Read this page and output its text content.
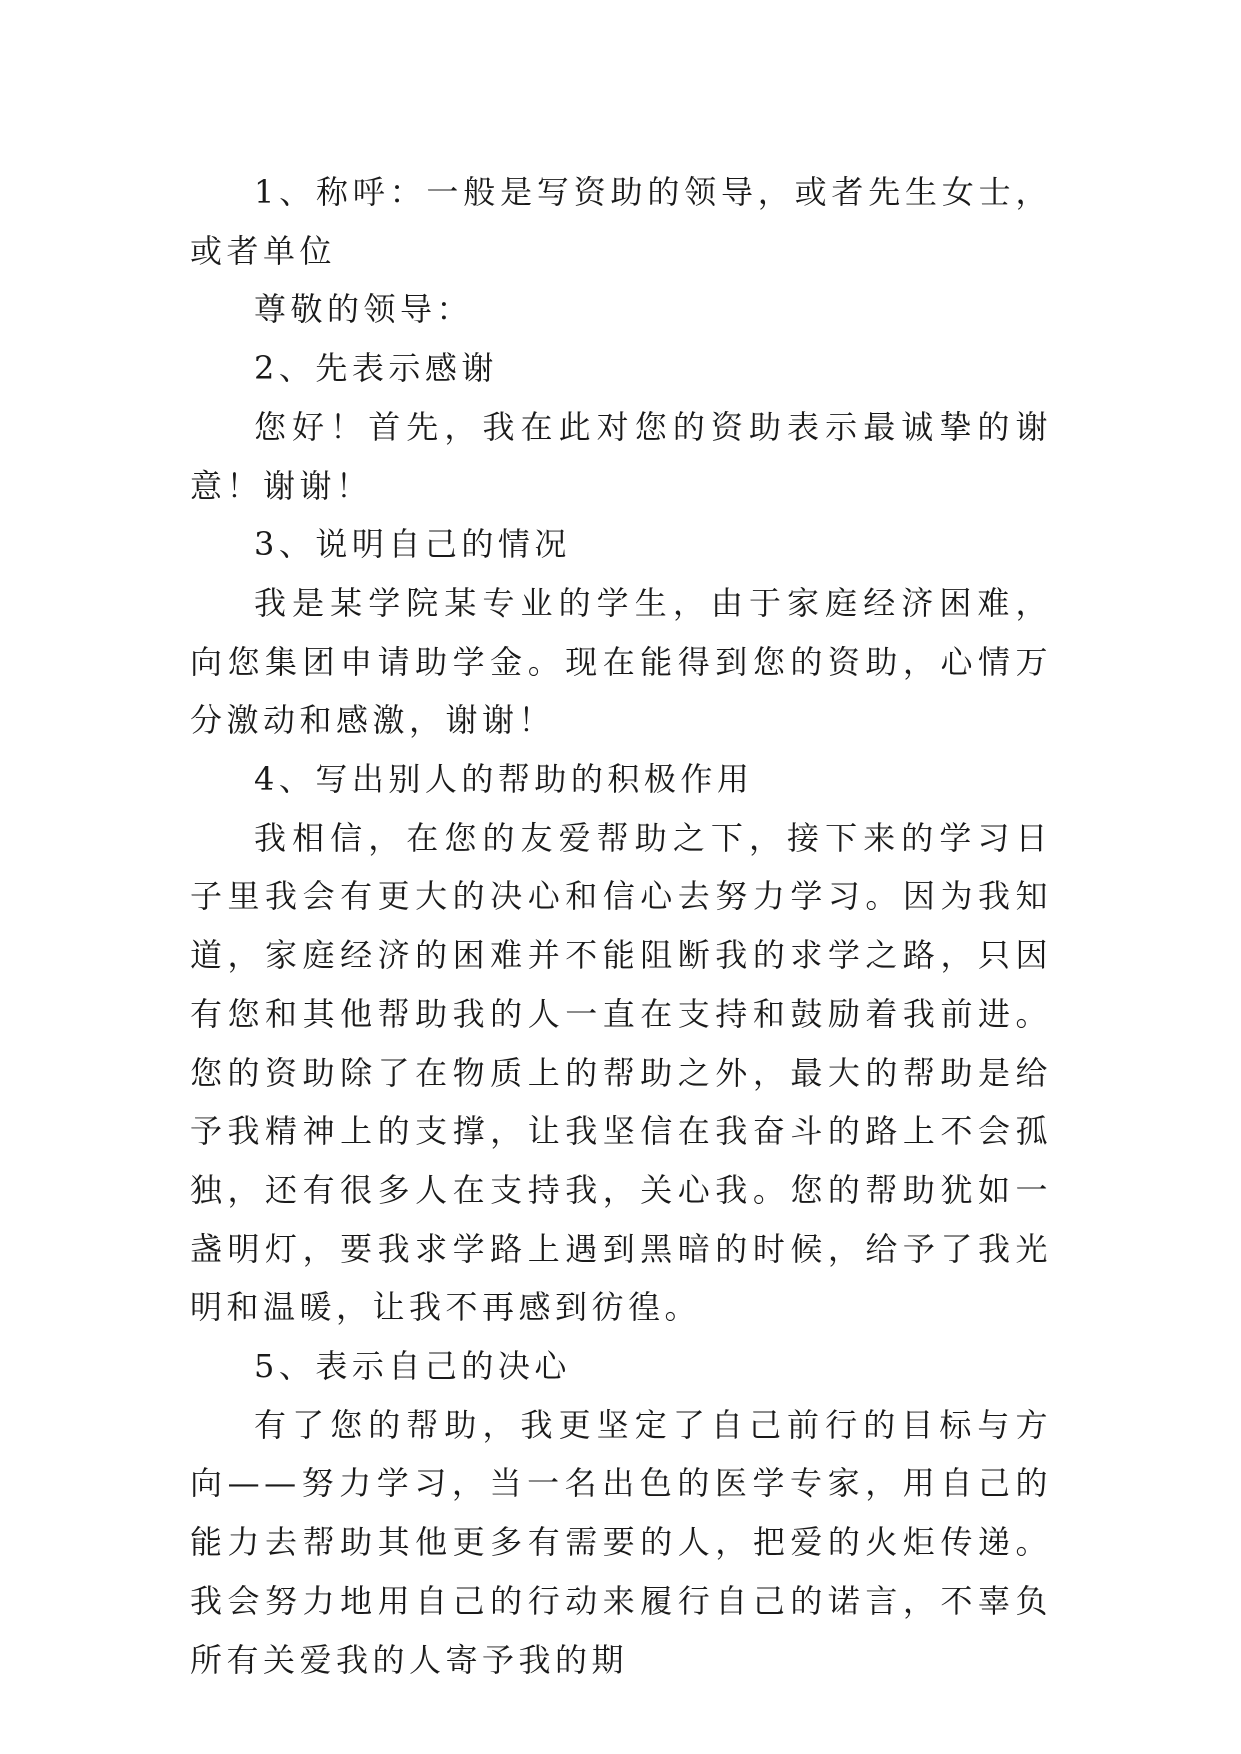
1、称呼：一般是写资助的领导，或者先生女士，或者单位

尊敬的领导：

2、先表示感谢

您好！首先，我在此对您的资助表示最诚挚的谢意！谢谢！

3、说明自己的情况

我是某学院某专业的学生，由于家庭经济困难，向您集团申请助学金。现在能得到您的资助，心情万分激动和感激，谢谢！

4、写出别人的帮助的积极作用

我相信，在您的友爱帮助之下，接下来的学习日子里我会有更大的决心和信心去努力学习。因为我知道，家庭经济的困难并不能阻断我的求学之路，只因有您和其他帮助我的人一直在支持和鼓励着我前进。您的资助除了在物质上的帮助之外，最大的帮助是给予我精神上的支撑，让我坚信在我奋斗的路上不会孤独，还有很多人在支持我，关心我。您的帮助犹如一盏明灯，要我求学路上遇到黑暗的时候，给予了我光明和温暖，让我不再感到彷徨。

5、表示自己的决心

有了您的帮助，我更坚定了自己前行的目标与方向——努力学习，当一名出色的医学专家，用自己的能力去帮助其他更多有需要的人，把爱的火炬传递。我会努力地用自己的行动来履行自己的诺言，不辜负所有关爱我的人寄予我的期
